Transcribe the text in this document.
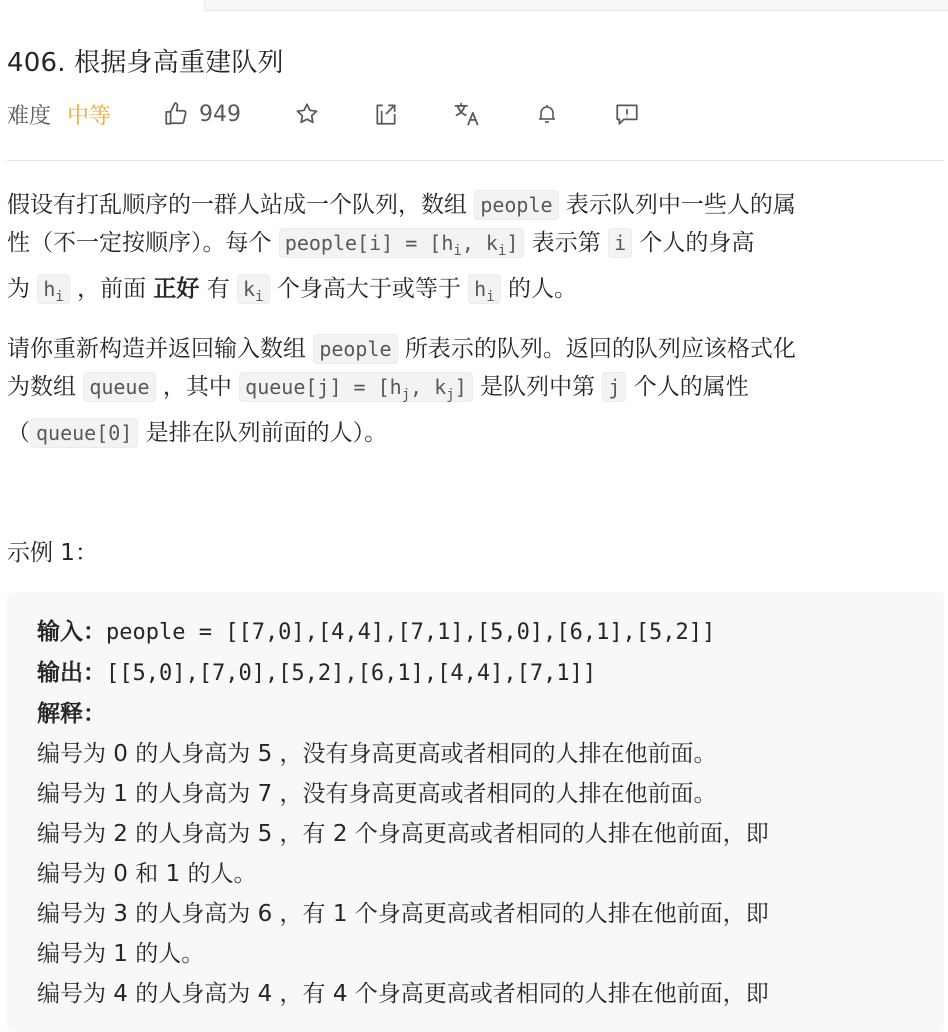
406. 根据身高重建队列
难度 中等	949

假设有打乱顺序的一群人站成一个队列，数组 people 表示队列中一些人的属
性（不一定按顺序）。每个 people[i] = [$h_i$, $k_i$] 表示第 i 个人的身高
为 $h_i$ ，前面 正好 有 $k_i$ 个身高大于或等于 $h_i$ 的人。

请你重新构造并返回输入数组 people 所表示的队列。返回的队列应该格式化
为数组 queue ，其中 queue[j] = [$h_j$, $k_j$] 是队列中第 j 个人的属性
（ queue[0] 是排在队列前面的人）。

示例 1：
输入：people = [[7,0],[4,4],[7,1],[5,0],[6,1],[5,2]]
输出：[[5,0],[7,0],[5,2],[6,1],[4,4],[7,1]]
解释：
编号为 0 的人身高为 5 ，没有身高更高或者相同的人排在他前面。
编号为 1 的人身高为 7 ，没有身高更高或者相同的人排在他前面。
编号为 2 的人身高为 5 ，有 2 个身高更高或者相同的人排在他前面，即
编号为 0 和 1 的人。
编号为 3 的人身高为 6 ，有 1 个身高更高或者相同的人排在他前面，即
编号为 1 的人。
编号为 4 的人身高为 4 ，有 4 个身高更高或者相同的人排在他前面，即
